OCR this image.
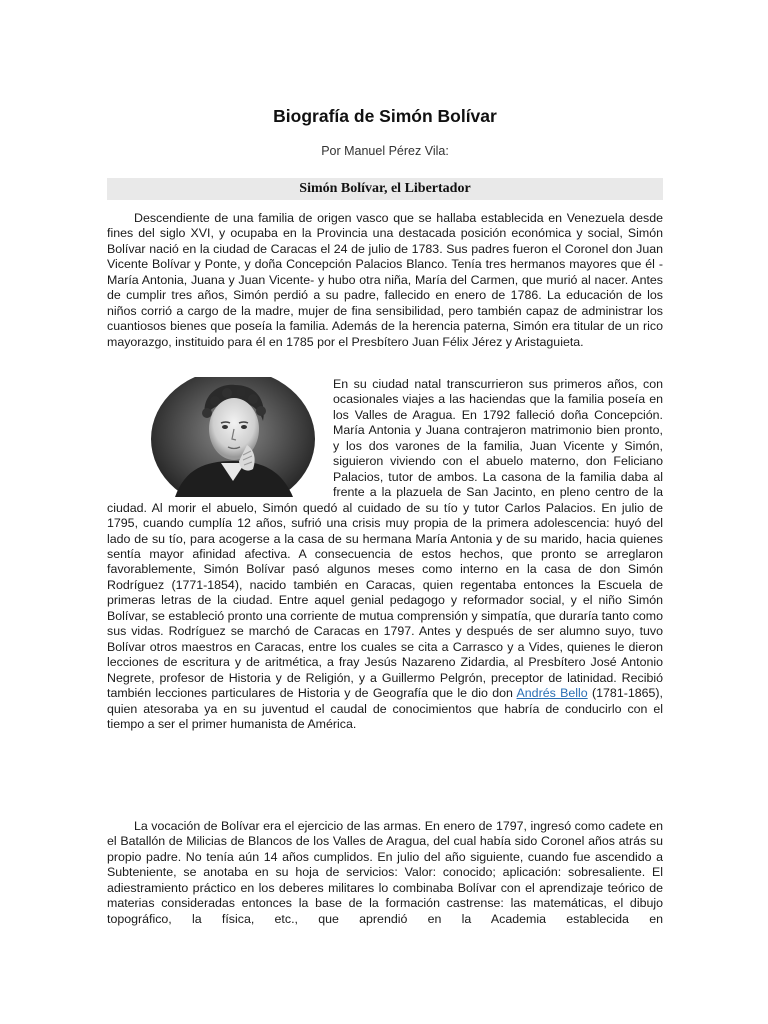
Biografía de Simón Bolívar
Por Manuel Pérez Vila:
Simón Bolívar, el Libertador

Descendiente de una familia de origen vasco que se hallaba establecida en Venezuela desde fines del siglo XVI, y ocupaba en la Provincia una destacada posición económica y social, Simón Bolívar nació en la ciudad de Caracas el 24 de julio de 1783. Sus padres fueron el Coronel don Juan Vicente Bolívar y Ponte, y doña Concepción Palacios Blanco. Tenía tres hermanos mayores que él -María Antonia, Juana y Juan Vicente- y hubo otra niña, María del Carmen, que murió al nacer. Antes de cumplir tres años, Simón perdió a su padre, fallecido en enero de 1786. La educación de los niños corrió a cargo de la madre, mujer de fina sensibilidad, pero también capaz de administrar los cuantiosos bienes que poseía la familia. Además de la herencia paterna, Simón era titular de un rico mayorazgo, instituido para él en 1785 por el Presbítero Juan Félix Jérez y Aristaguieta.

En su ciudad natal transcurrieron sus primeros años, con ocasionales viajes a las haciendas que la familia poseía en los Valles de Aragua. En 1792 falleció doña Concepción. María Antonia y Juana contrajeron matrimonio bien pronto, y los dos varones de la familia, Juan Vicente y Simón, siguieron viviendo con el abuelo materno, don Feliciano Palacios, tutor de ambos. La casona de la familia daba al frente a la plazuela de San Jacinto, en pleno centro de la ciudad. Al morir el abuelo, Simón quedó al cuidado de su tío y tutor Carlos Palacios. En julio de 1795, cuando cumplía 12 años, sufrió una crisis muy propia de la primera adolescencia: huyó del lado de su tío, para acogerse a la casa de su hermana María Antonia y de su marido, hacia quienes sentía mayor afinidad afectiva. A consecuencia de estos hechos, que pronto se arreglaron favorablemente, Simón Bolívar pasó algunos meses como interno en la casa de don Simón Rodríguez (1771-1854), nacido también en Caracas, quien regentaba entonces la Escuela de primeras letras de la ciudad. Entre aquel genial pedagogo y reformador social, y el niño Simón Bolívar, se estableció pronto una corriente de mutua comprensión y simpatía, que duraría tanto como sus vidas. Rodríguez se marchó de Caracas en 1797. Antes y después de ser alumno suyo, tuvo Bolívar otros maestros en Caracas, entre los cuales se cita a Carrasco y a Vides, quienes le dieron lecciones de escritura y de aritmética, a fray Jesús Nazareno Zidardia, al Presbítero José Antonio Negrete, profesor de Historia y de Religión, y a Guillermo Pelgrón, preceptor de latinidad. Recibió también lecciones particulares de Historia y de Geografía que le dio don Andrés Bello (1781-1865), quien atesoraba ya en su juventud el caudal de conocimientos que habría de conducirlo con el tiempo a ser el primer humanista de América.

La vocación de Bolívar era el ejercicio de las armas. En enero de 1797, ingresó como cadete en el Batallón de Milicias de Blancos de los Valles de Aragua, del cual había sido Coronel años atrás su propio padre. No tenía aún 14 años cumplidos. En julio del año siguiente, cuando fue ascendido a Subteniente, se anotaba en su hoja de servicios: Valor: conocido; aplicación: sobresaliente. El adiestramiento práctico en los deberes militares lo combinaba Bolívar con el aprendizaje teórico de materias consideradas entonces la base de la formación castrense: las matemáticas, el dibujo topográfico, la física, etc., que aprendió en la Academia establecida en
